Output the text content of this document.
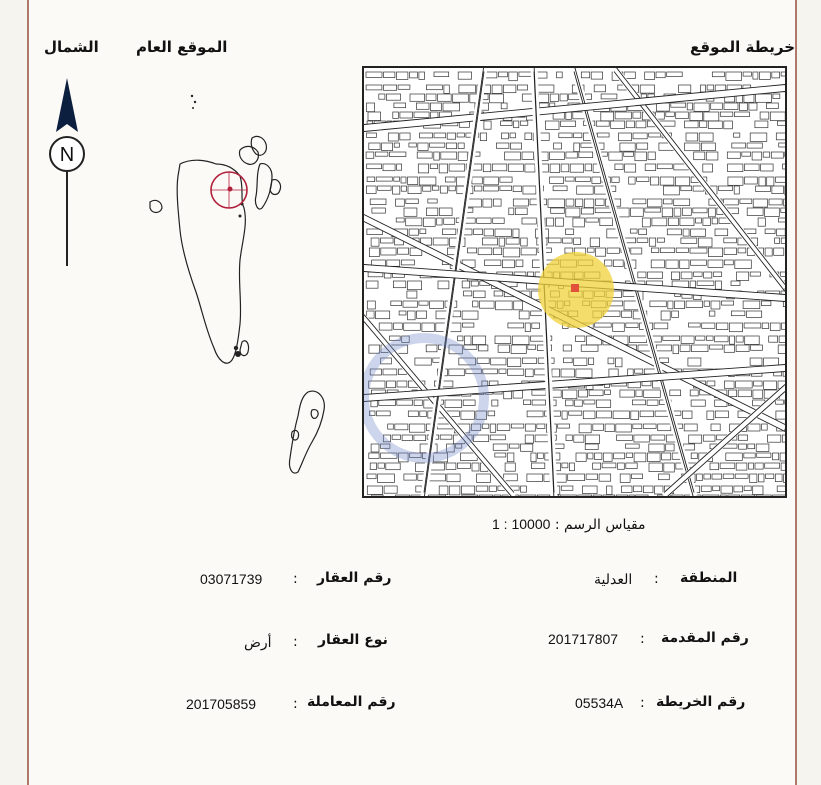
الشمال الموقع العام	خريطة الموقع
N
مقياس الرسم : 1 : 10000
المنطقة
:
العدلية
رقم المقدمة
:
201717807
رقم الخريطة
:
05534A
رقم العقار
:
03071739
نوع العقار
:
أرض
رقم المعاملة
:
201705859
